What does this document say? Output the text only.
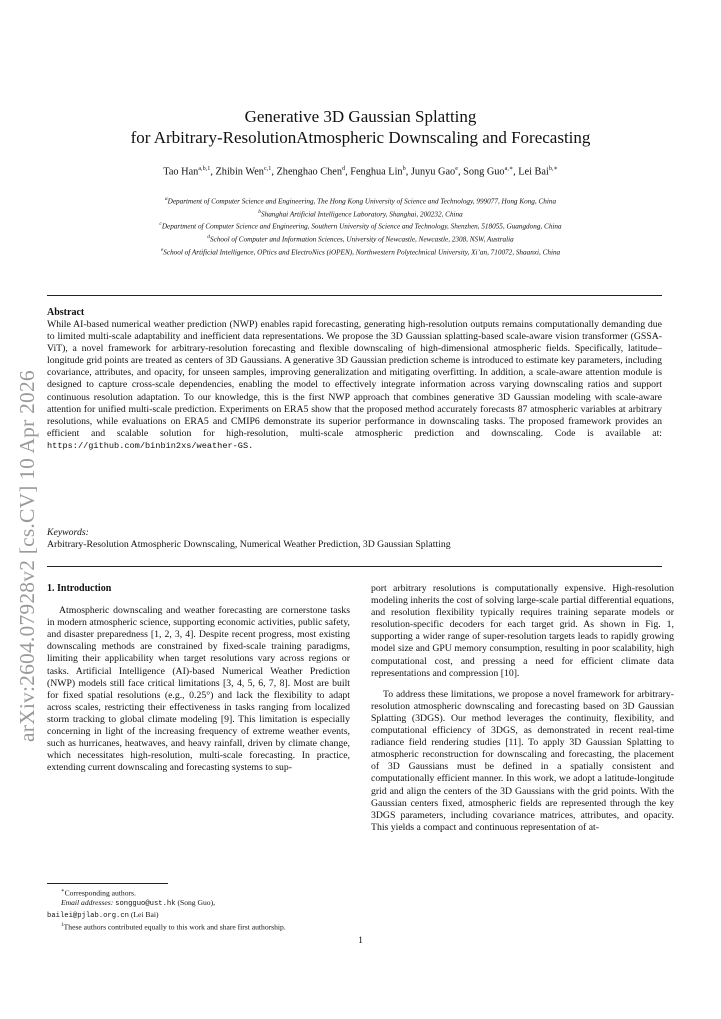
arXiv:2604.07928v2 [cs.CV] 10 Apr 2026
Generative 3D Gaussian Splatting
for Arbitrary-ResolutionAtmospheric Downscaling and Forecasting
Tao Han$^{a,b,1}$, Zhibin Wen$^{c,1}$, Zhenghao Chen$^d$, Fenghua Lin$^b$, Junyu Gao$^e$, Song Guo$^{a,∗}$, Lei Bai$^{b,∗}$
$^a$Department of Computer Science and Engineering, The Hong Kong University of Science and Technology, 999077, Hong Kong, China
$^b$Shanghai Artificial Intelligence Laboratory, Shanghai, 200232, China
$^c$Department of Computer Science and Engineering, Southern University of Science and Technology, Shenzhen, 518055, Guangdong, China
$^d$School of Computer and Information Sciences, University of Newcastle, Newcastle, 2308, NSW, Australia
$^e$School of Artificial Intelligence, OPtics and ElectroNics (iOPEN), Northwestern Polytechnical University, Xi’an, 710072, Shaanxi, China
Abstract
While AI-based numerical weather prediction (NWP) enables rapid forecasting, generating high-resolution outputs remains computationally demanding due to limited multi-scale adaptability and inefficient data representations. We propose the 3D Gaussian splatting-based scale-aware vision transformer (GSSA-ViT), a novel framework for arbitrary-resolution forecasting and flexible downscaling of high-dimensional atmospheric fields. Specifically, latitude–longitude grid points are treated as centers of 3D Gaussians. A generative 3D Gaussian prediction scheme is introduced to estimate key parameters, including covariance, attributes, and opacity, for unseen samples, improving generalization and mitigating overfitting. In addition, a scale-aware attention module is designed to capture cross-scale dependencies, enabling the model to effectively integrate information across varying downscaling ratios and support continuous resolution adaptation. To our knowledge, this is the first NWP approach that combines generative 3D Gaussian modeling with scale-aware attention for unified multi-scale prediction. Experiments on ERA5 show that the proposed method accurately forecasts 87 atmospheric variables at arbitrary resolutions, while evaluations on ERA5 and CMIP6 demonstrate its superior performance in downscaling tasks. The proposed framework provides an efficient and scalable solution for high-resolution, multi-scale atmospheric prediction and downscaling. Code is available at: https://github.com/binbin2xs/weather-GS.
Keywords:
Arbitrary-Resolution Atmospheric Downscaling, Numerical Weather Prediction, 3D Gaussian Splatting
1. Introduction

Atmospheric downscaling and weather forecasting are cornerstone tasks in modern atmospheric science, supporting economic activities, public safety, and disaster preparedness [1, 2, 3, 4]. Despite recent progress, most existing downscaling methods are constrained by fixed-scale training paradigms, limiting their applicability when target resolutions vary across regions or tasks. Artificial Intelligence (AI)-based Numerical Weather Prediction (NWP) models still face critical limitations [3, 4, 5, 6, 7, 8]. Most are built for fixed spatial resolutions (e.g., 0.25°) and lack the flexibility to adapt across scales, restricting their effectiveness in tasks ranging from localized storm tracking to global climate modeling [9]. This limitation is especially concerning in light of the increasing frequency of extreme weather events, such as hurricanes, heatwaves, and heavy rainfall, driven by climate change, which necessitates high-resolution, multi-scale forecasting. In practice, extending current downscaling and forecasting systems to sup-

port arbitrary resolutions is computationally expensive. High-resolution modeling inherits the cost of solving large-scale partial differential equations, and resolution flexibility typically requires training separate models or resolution-specific decoders for each target grid. As shown in Fig. 1, supporting a wider range of super-resolution targets leads to rapidly growing model size and GPU memory consumption, resulting in poor scalability, high computational cost, and pressing a need for efficient climate data representations and compression [10].

To address these limitations, we propose a novel framework for arbitrary-resolution atmospheric downscaling and forecasting based on 3D Gaussian Splatting (3DGS). Our method leverages the continuity, flexibility, and computational efficiency of 3DGS, as demonstrated in recent real-time radiance field rendering studies [11]. To apply 3D Gaussian Splatting to atmospheric reconstruction for downscaling and forecasting, the placement of 3D Gaussians must be defined in a spatially consistent and computationally efficient manner. In this work, we adopt a latitude-longitude grid and align the centers of the 3D Gaussians with the grid points. With the Gaussian centers fixed, atmospheric fields are represented through the key 3DGS parameters, including covariance matrices, attributes, and opacity. This yields a compact and continuous representation of at-

∗Corresponding authors.

Email addresses: songguo@ust.hk (Song Guo),

bailei@pjlab.org.cn (Lei Bai)

$^1$These authors contributed equally to this work and share first authorship.

1
